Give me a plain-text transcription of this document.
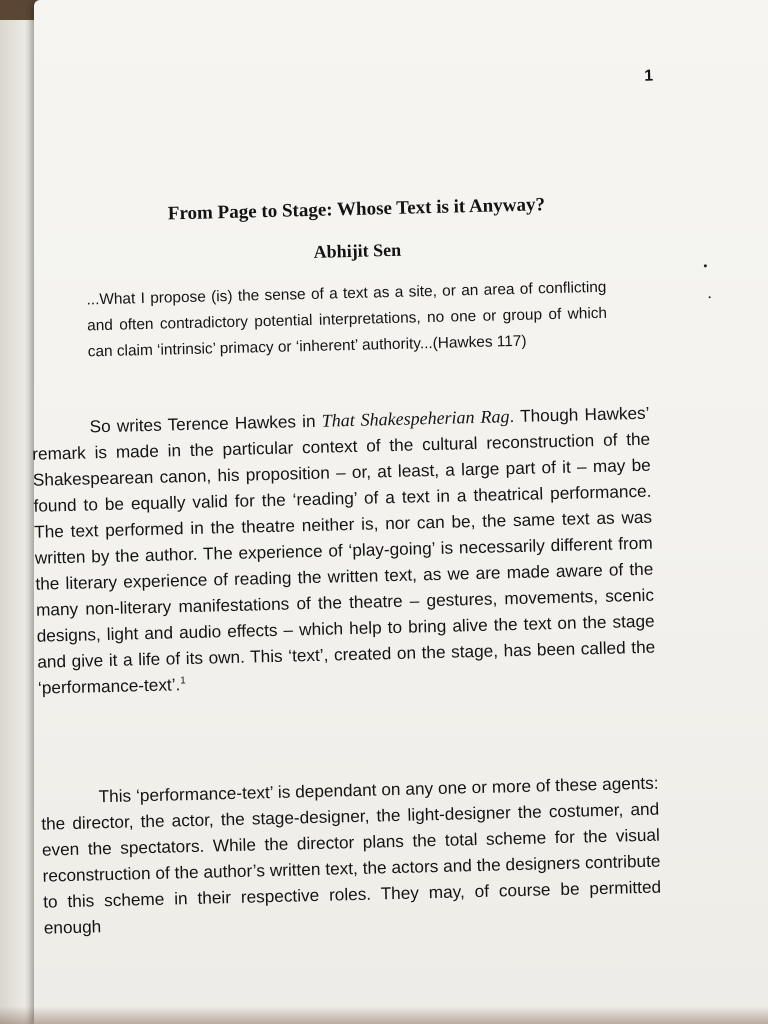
1
From Page to Stage: Whose Text is it Anyway?
Abhijit Sen
...What I propose (is) the sense of a text as a site, or an area of conflicting and often contradictory potential interpretations, no one or group of which can claim ‘intrinsic’ primacy or ‘inherent’ authority...(Hawkes 117)
So writes Terence Hawkes in That Shakespeherian Rag. Though Hawkes’ remark is made in the particular context of the cultural reconstruction of the Shakespearean canon, his proposition – or, at least, a large part of it – may be found to be equally valid for the ‘reading’ of a text in a theatrical performance. The text performed in the theatre neither is, nor can be, the same text as was written by the author. The experience of ‘play-going’ is necessarily different from the literary experience of reading the written text, as we are made aware of the many non-literary manifestations of the theatre – gestures, movements, scenic designs, light and audio effects – which help to bring alive the text on the stage and give it a life of its own. This ‘text’, created on the stage, has been called the ‘performance-text’.$^1$
This ‘performance-text’ is dependant on any one or more of these agents: the director, the actor, the stage-designer, the light-designer the costumer, and even the spectators. While the director plans the total scheme for the visual reconstruction of the author’s written text, the actors and the designers contribute to this scheme in their respective roles. They may, of course be permitted enough
